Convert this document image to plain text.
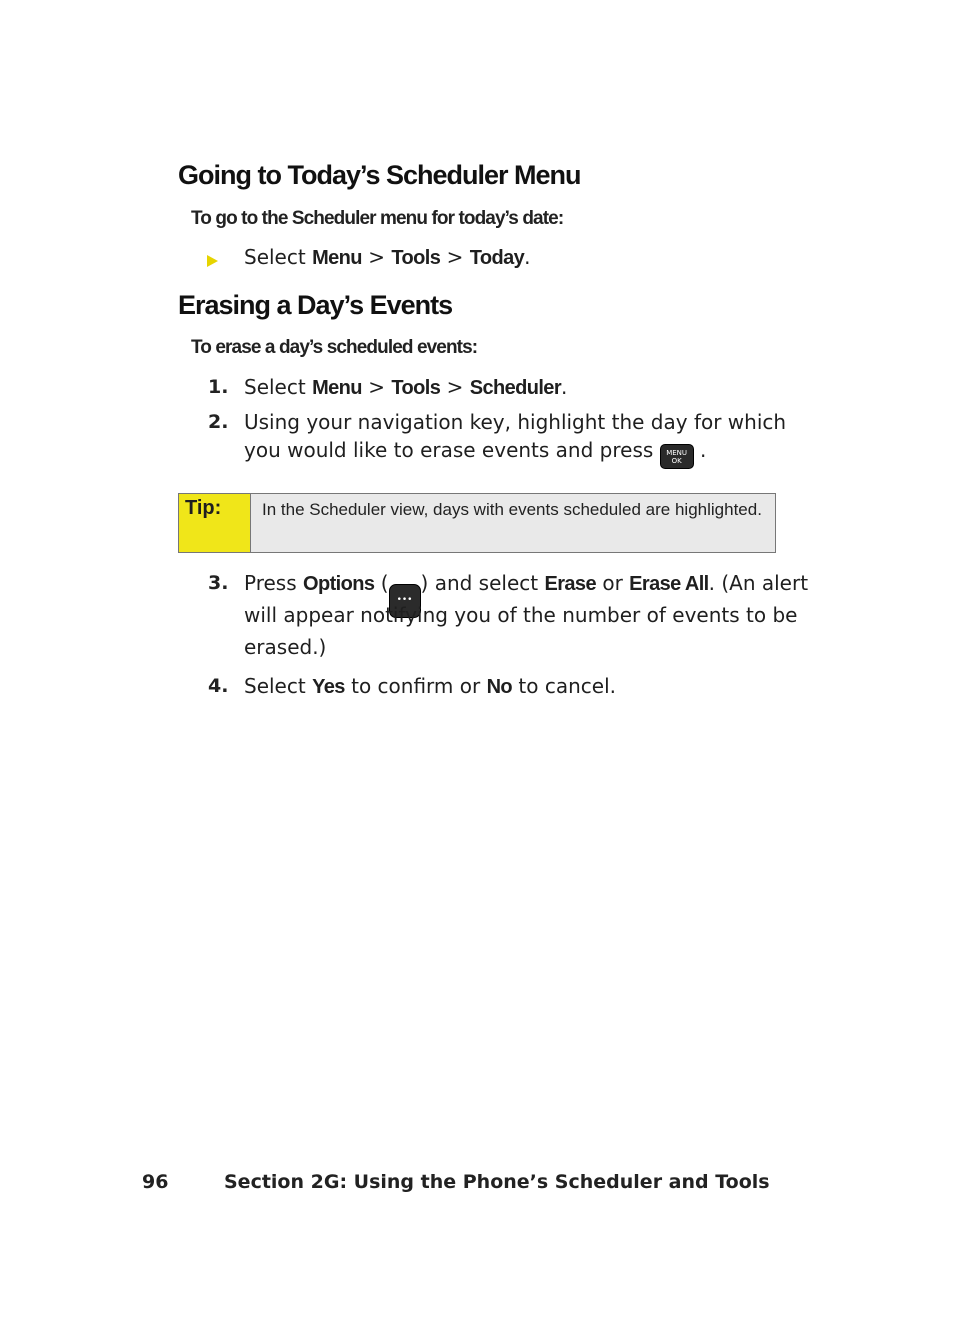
Going to Today’s Scheduler Menu

To go to the Scheduler menu for today’s date:

Select Menu > Tools > Today.
Erasing a Day’s Events

To erase a day’s scheduled events:

1. Select Menu > Tools > Scheduler.
2. Using your navigation key, highlight the day for which
you would like to erase events and press MENU
OK .
Tip:	In the Scheduler view, days with events scheduled are highlighted.
3. Press Options (•••) and select Erase or Erase All. (An alert
will appear notifying you of the number of events to be
erased.)
4. Select Yes to confirm or No to cancel.
96	Section 2G: Using the Phone’s Scheduler and Tools
